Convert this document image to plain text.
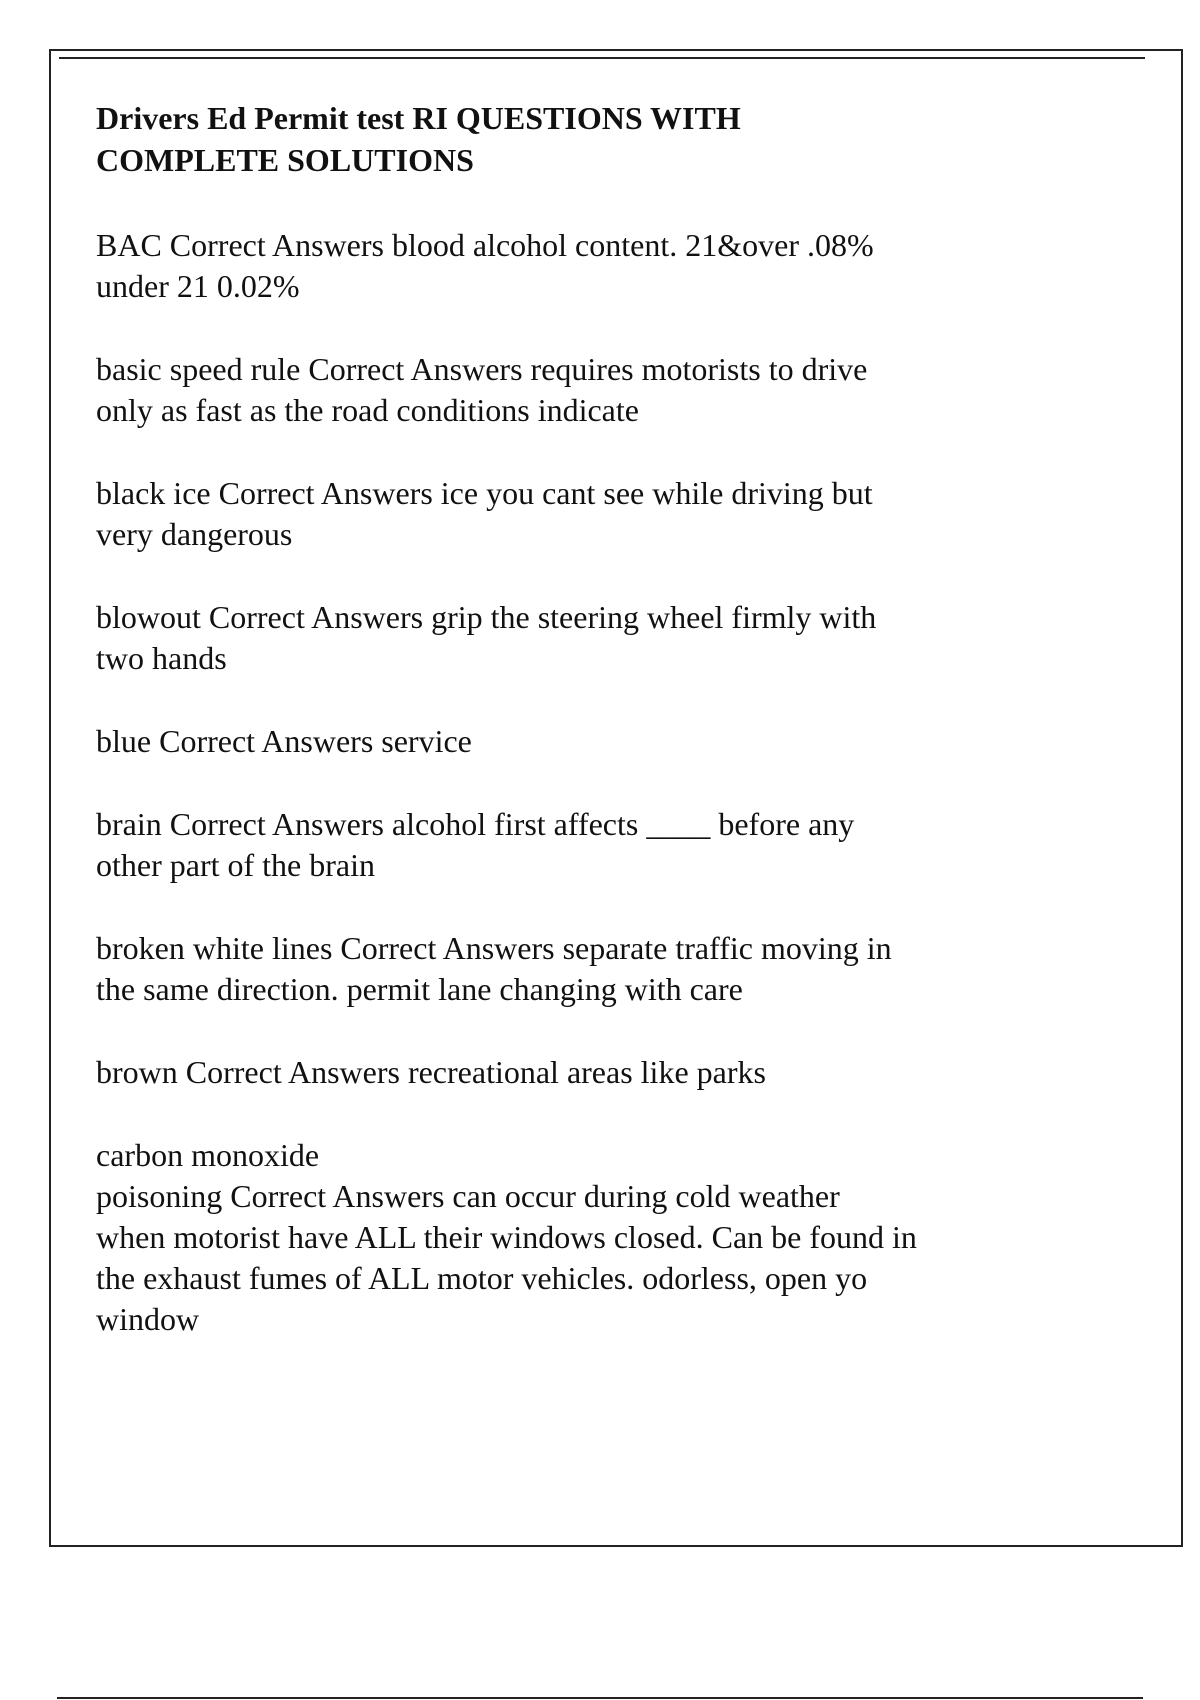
Drivers Ed Permit test RI QUESTIONS WITH
COMPLETE SOLUTIONS

BAC Correct Answers blood alcohol content. 21&over .08%
under 21 0.02%

basic speed rule Correct Answers requires motorists to drive
only as fast as the road conditions indicate

black ice Correct Answers ice you cant see while driving but
very dangerous

blowout Correct Answers grip the steering wheel firmly with
two hands

blue Correct Answers service

brain Correct Answers alcohol first affects ____ before any
other part of the brain

broken white lines Correct Answers separate traffic moving in
the same direction. permit lane changing with care

brown Correct Answers recreational areas like parks

carbon monoxide
poisoning Correct Answers can occur during cold weather
when motorist have ALL their windows closed. Can be found in
the exhaust fumes of ALL motor vehicles. odorless, open yo
window
